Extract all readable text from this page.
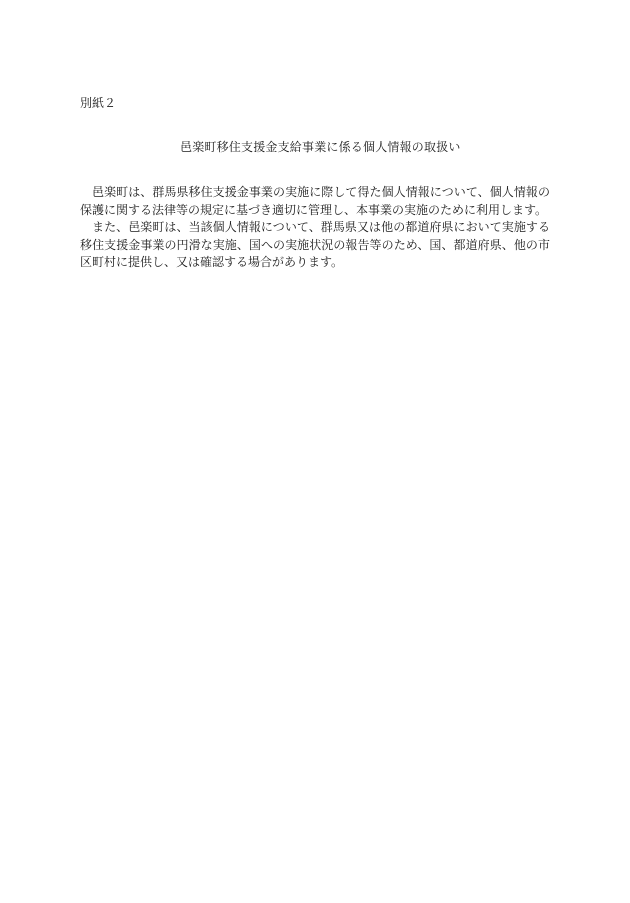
別紙２
邑楽町移住支援金支給事業に係る個人情報の取扱い

邑楽町は、群馬県移住支援金事業の実施に際して得た個人情報について、個人情報の保護に関する法律等の規定に基づき適切に管理し、本事業の実施のために利用します。

また、邑楽町は、当該個人情報について、群馬県又は他の都道府県において実施する移住支援金事業の円滑な実施、国への実施状況の報告等のため、国、都道府県、他の市区町村に提供し、又は確認する場合があります。
